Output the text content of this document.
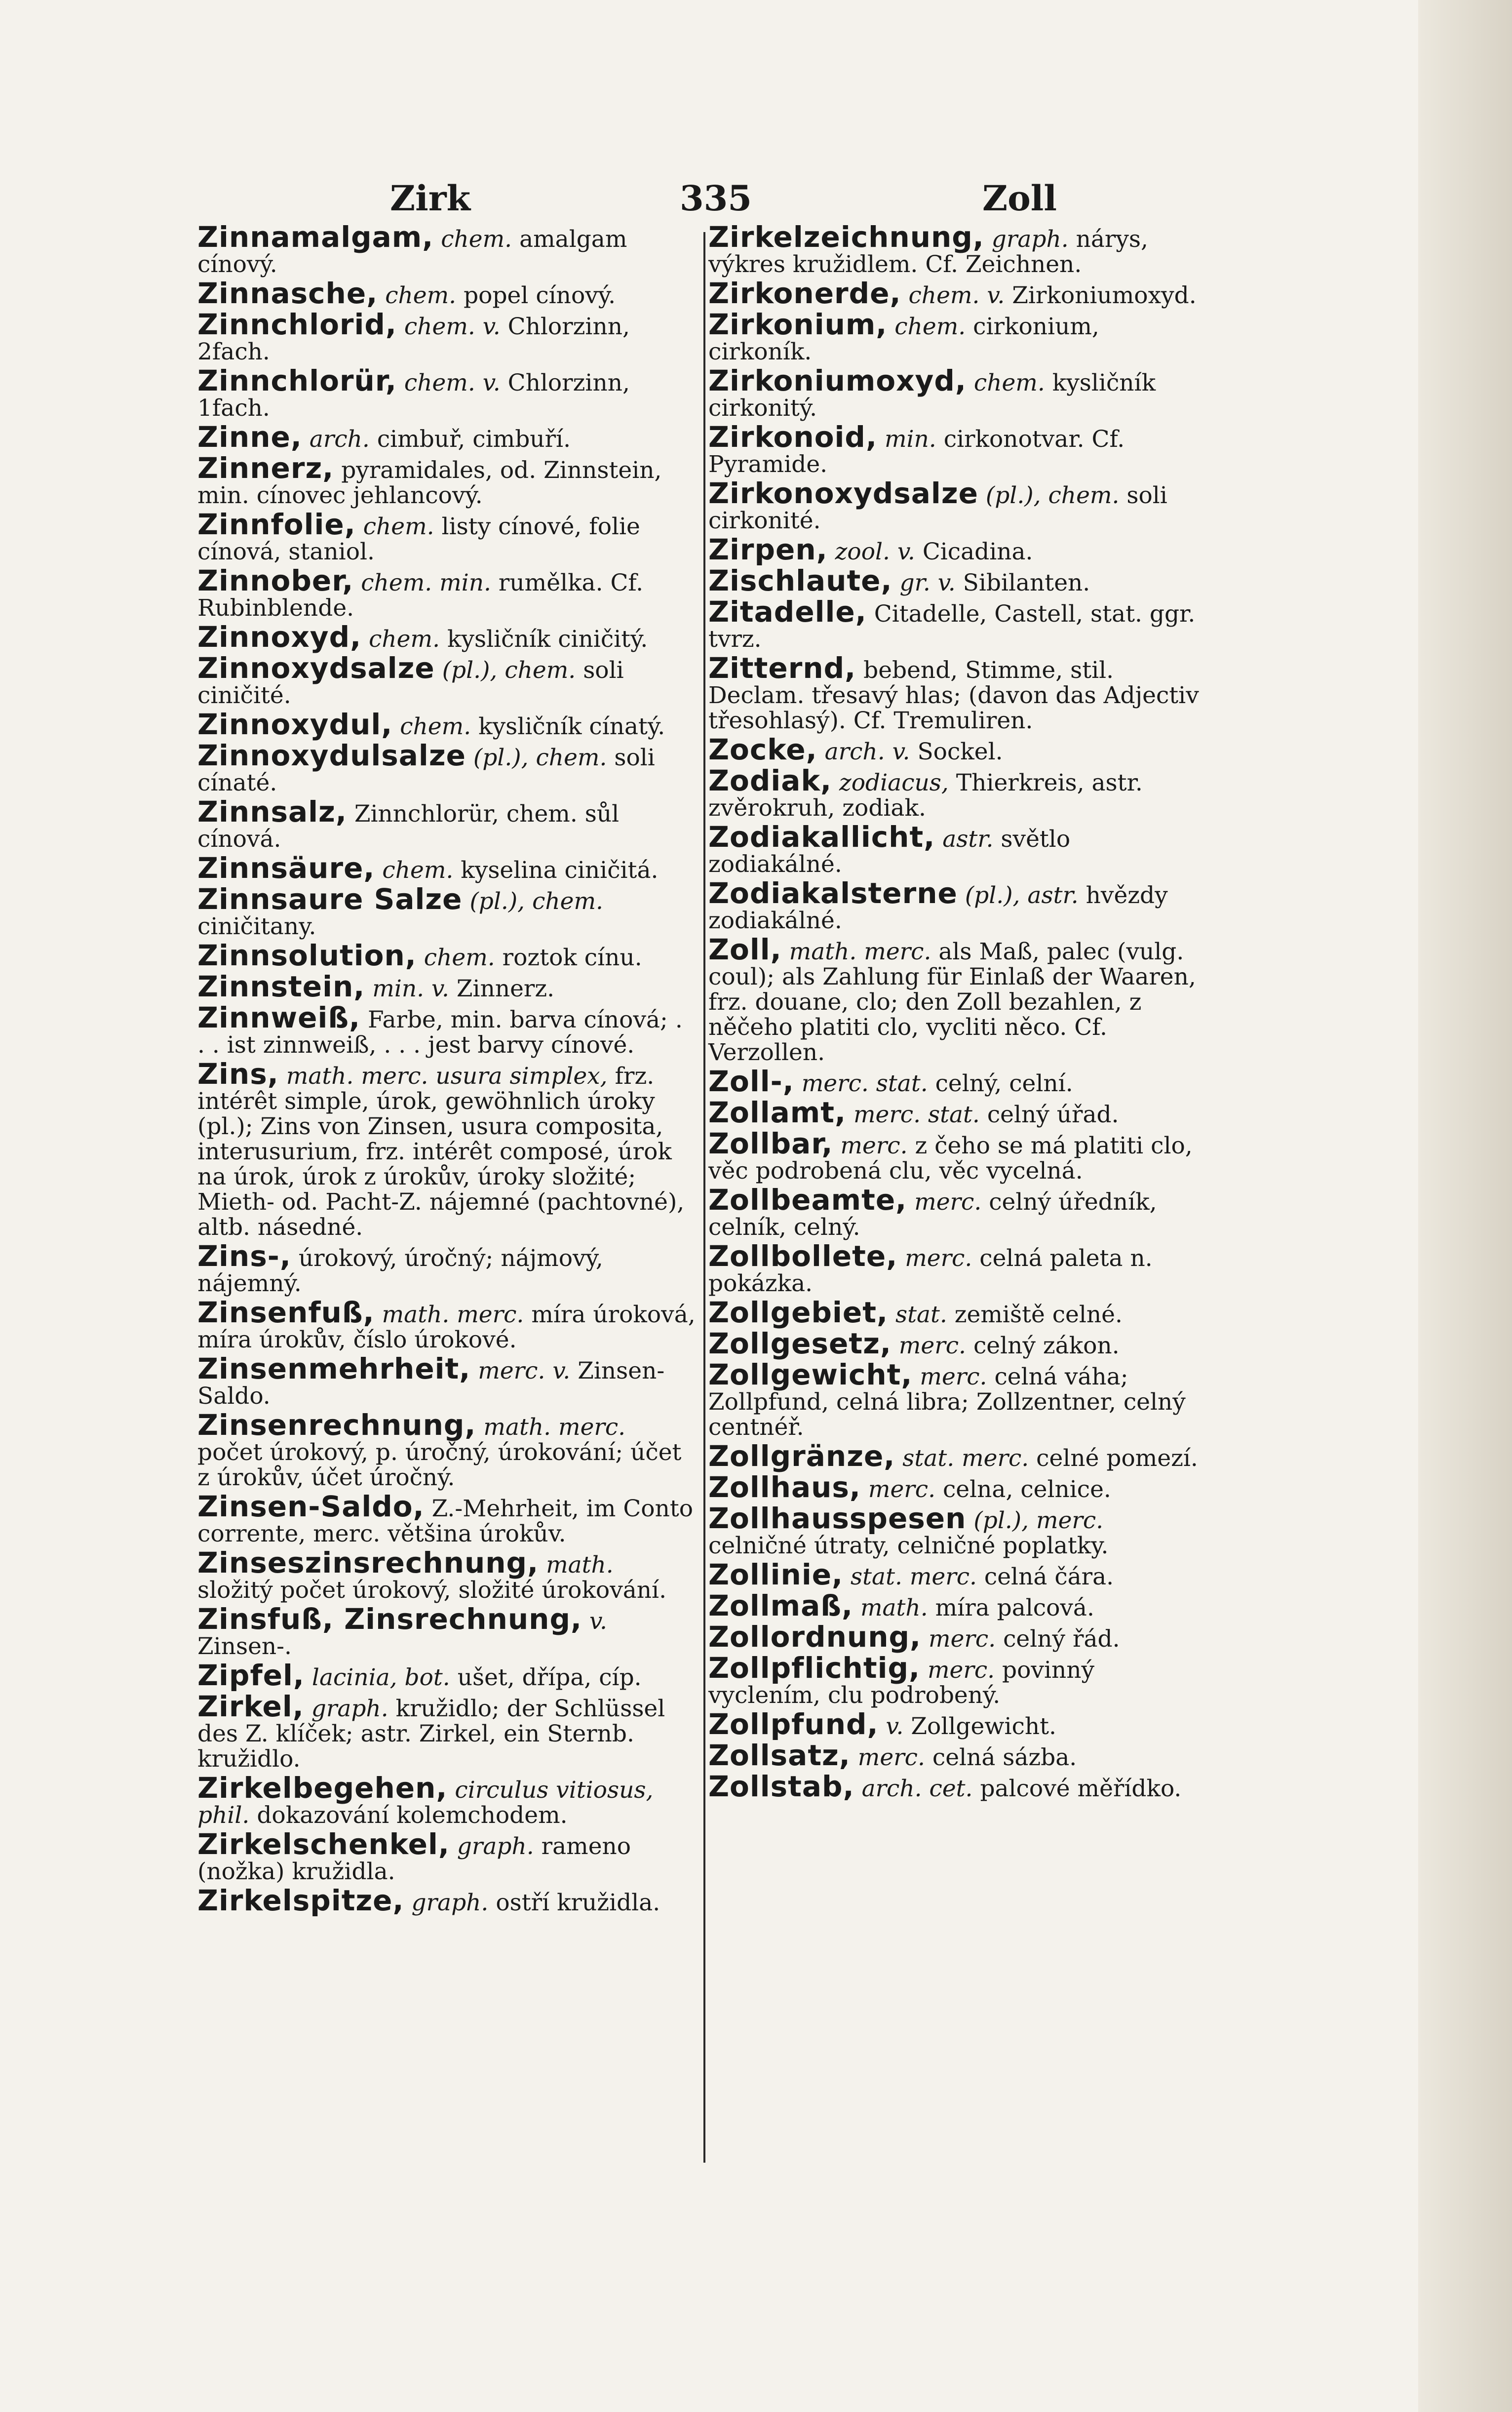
Zirk	335	Zoll
Zinnamalgam, chem. amalgam cínový.
Zinnasche, chem. popel cínový.
Zinnchlorid, chem. v. Chlorzinn, 2fach.
Zinnchlorür, chem. v. Chlorzinn, 1fach.
Zinne, arch. cimbuř, cimbuří.
Zinnerz, pyramidales, od. Zinnstein, min. cínovec jehlancový.
Zinnfolie, chem. listy cínové, folie cínová, staniol.
Zinnober, chem. min. rumělka. Cf. Rubinblende.
Zinnoxyd, chem. kysličník ciničitý.
Zinnoxydsalze (pl.), chem. soli ciničité.
Zinnoxydul, chem. kysličník cínatý.
Zinnoxydulsalze (pl.), chem. soli cínaté.
Zinnsalz, Zinnchlorür, chem. sůl cínová.
Zinnsäure, chem. kyselina ciničitá.
Zinnsaure Salze (pl.), chem. ciničitany.
Zinnsolution, chem. roztok cínu.
Zinnstein, min. v. Zinnerz.
Zinnweiß, Farbe, min. barva cínová; . . . ist zinnweiß, . . . jest barvy cínové.
Zins, math. merc. usura simplex, frz. intérêt simple, úrok, gewöhnlich úroky (pl.); Zins von Zinsen, usura composita, interusurium, frz. intérêt composé, úrok na úrok, úrok z úrokův, úroky složité; Mieth- od. Pacht-Z. nájemné (pachtovné), altb. násedné.
Zins-, úrokový, úročný; nájmový, nájemný.
Zinsenfuß, math. merc. míra úroková, míra úrokův, číslo úrokové.
Zinsenmehrheit, merc. v. Zinsen-Saldo.
Zinsenrechnung, math. merc. počet úrokový, p. úročný, úrokování; účet z úrokův, účet úročný.
Zinsen-Saldo, Z.-Mehrheit, im Conto corrente, merc. většina úrokův.
Zinseszinsrechnung, math. složitý počet úrokový, složité úrokování.
Zinsfuß, Zinsrechnung, v. Zinsen-.
Zipfel, lacinia, bot. ušet, dřípa, cíp.
Zirkel, graph. kružidlo; der Schlüssel des Z. klíček; astr. Zirkel, ein Sternb. kružidlo.
Zirkelbegehen, circulus vitiosus, phil. dokazování kolemchodem.
Zirkelschenkel, graph. rameno (nožka) kružidla.
Zirkelspitze, graph. ostří kružidla.
Zirkelzeichnung, graph. nárys, výkres kružidlem. Cf. Zeichnen.
Zirkonerde, chem. v. Zirkoniumoxyd.
Zirkonium, chem. cirkonium, cirkoník.
Zirkoniumoxyd, chem. kysličník cirkonitý.
Zirkonoid, min. cirkonotvar. Cf. Pyramide.
Zirkonoxydsalze (pl.), chem. soli cirkonité.
Zirpen, zool. v. Cicadina.
Zischlaute, gr. v. Sibilanten.
Zitadelle, Citadelle, Castell, stat. ggr. tvrz.
Zitternd, bebend, Stimme, stil. Declam. třesavý hlas; (davon das Adjectiv třesohlasý). Cf. Tremuliren.
Zocke, arch. v. Sockel.
Zodiak, zodiacus, Thierkreis, astr. zvěrokruh, zodiak.
Zodiakallicht, astr. světlo zodiakálné.
Zodiakalsterne (pl.), astr. hvězdy zodiakálné.
Zoll, math. merc. als Maß, palec (vulg. coul); als Zahlung für Einlaß der Waaren, frz. douane, clo; den Zoll bezahlen, z něčeho platiti clo, vycliti něco. Cf. Verzollen.
Zoll-, merc. stat. celný, celní.
Zollamt, merc. stat. celný úřad.
Zollbar, merc. z čeho se má platiti clo, věc podrobená clu, věc vycelná.
Zollbeamte, merc. celný úředník, celník, celný.
Zollbollete, merc. celná paleta n. pokázka.
Zollgebiet, stat. zemiště celné.
Zollgesetz, merc. celný zákon.
Zollgewicht, merc. celná váha; Zollpfund, celná libra; Zollzentner, celný centnéř.
Zollgränze, stat. merc. celné pomezí.
Zollhaus, merc. celna, celnice.
Zollhausspesen (pl.), merc. celničné útraty, celničné poplatky.
Zollinie, stat. merc. celná čára.
Zollmaß, math. míra palcová.
Zollordnung, merc. celný řád.
Zollpflichtig, merc. povinný vyclením, clu podrobený.
Zollpfund, v. Zollgewicht.
Zollsatz, merc. celná sázba.
Zollstab, arch. cet. palcové měřídko.
